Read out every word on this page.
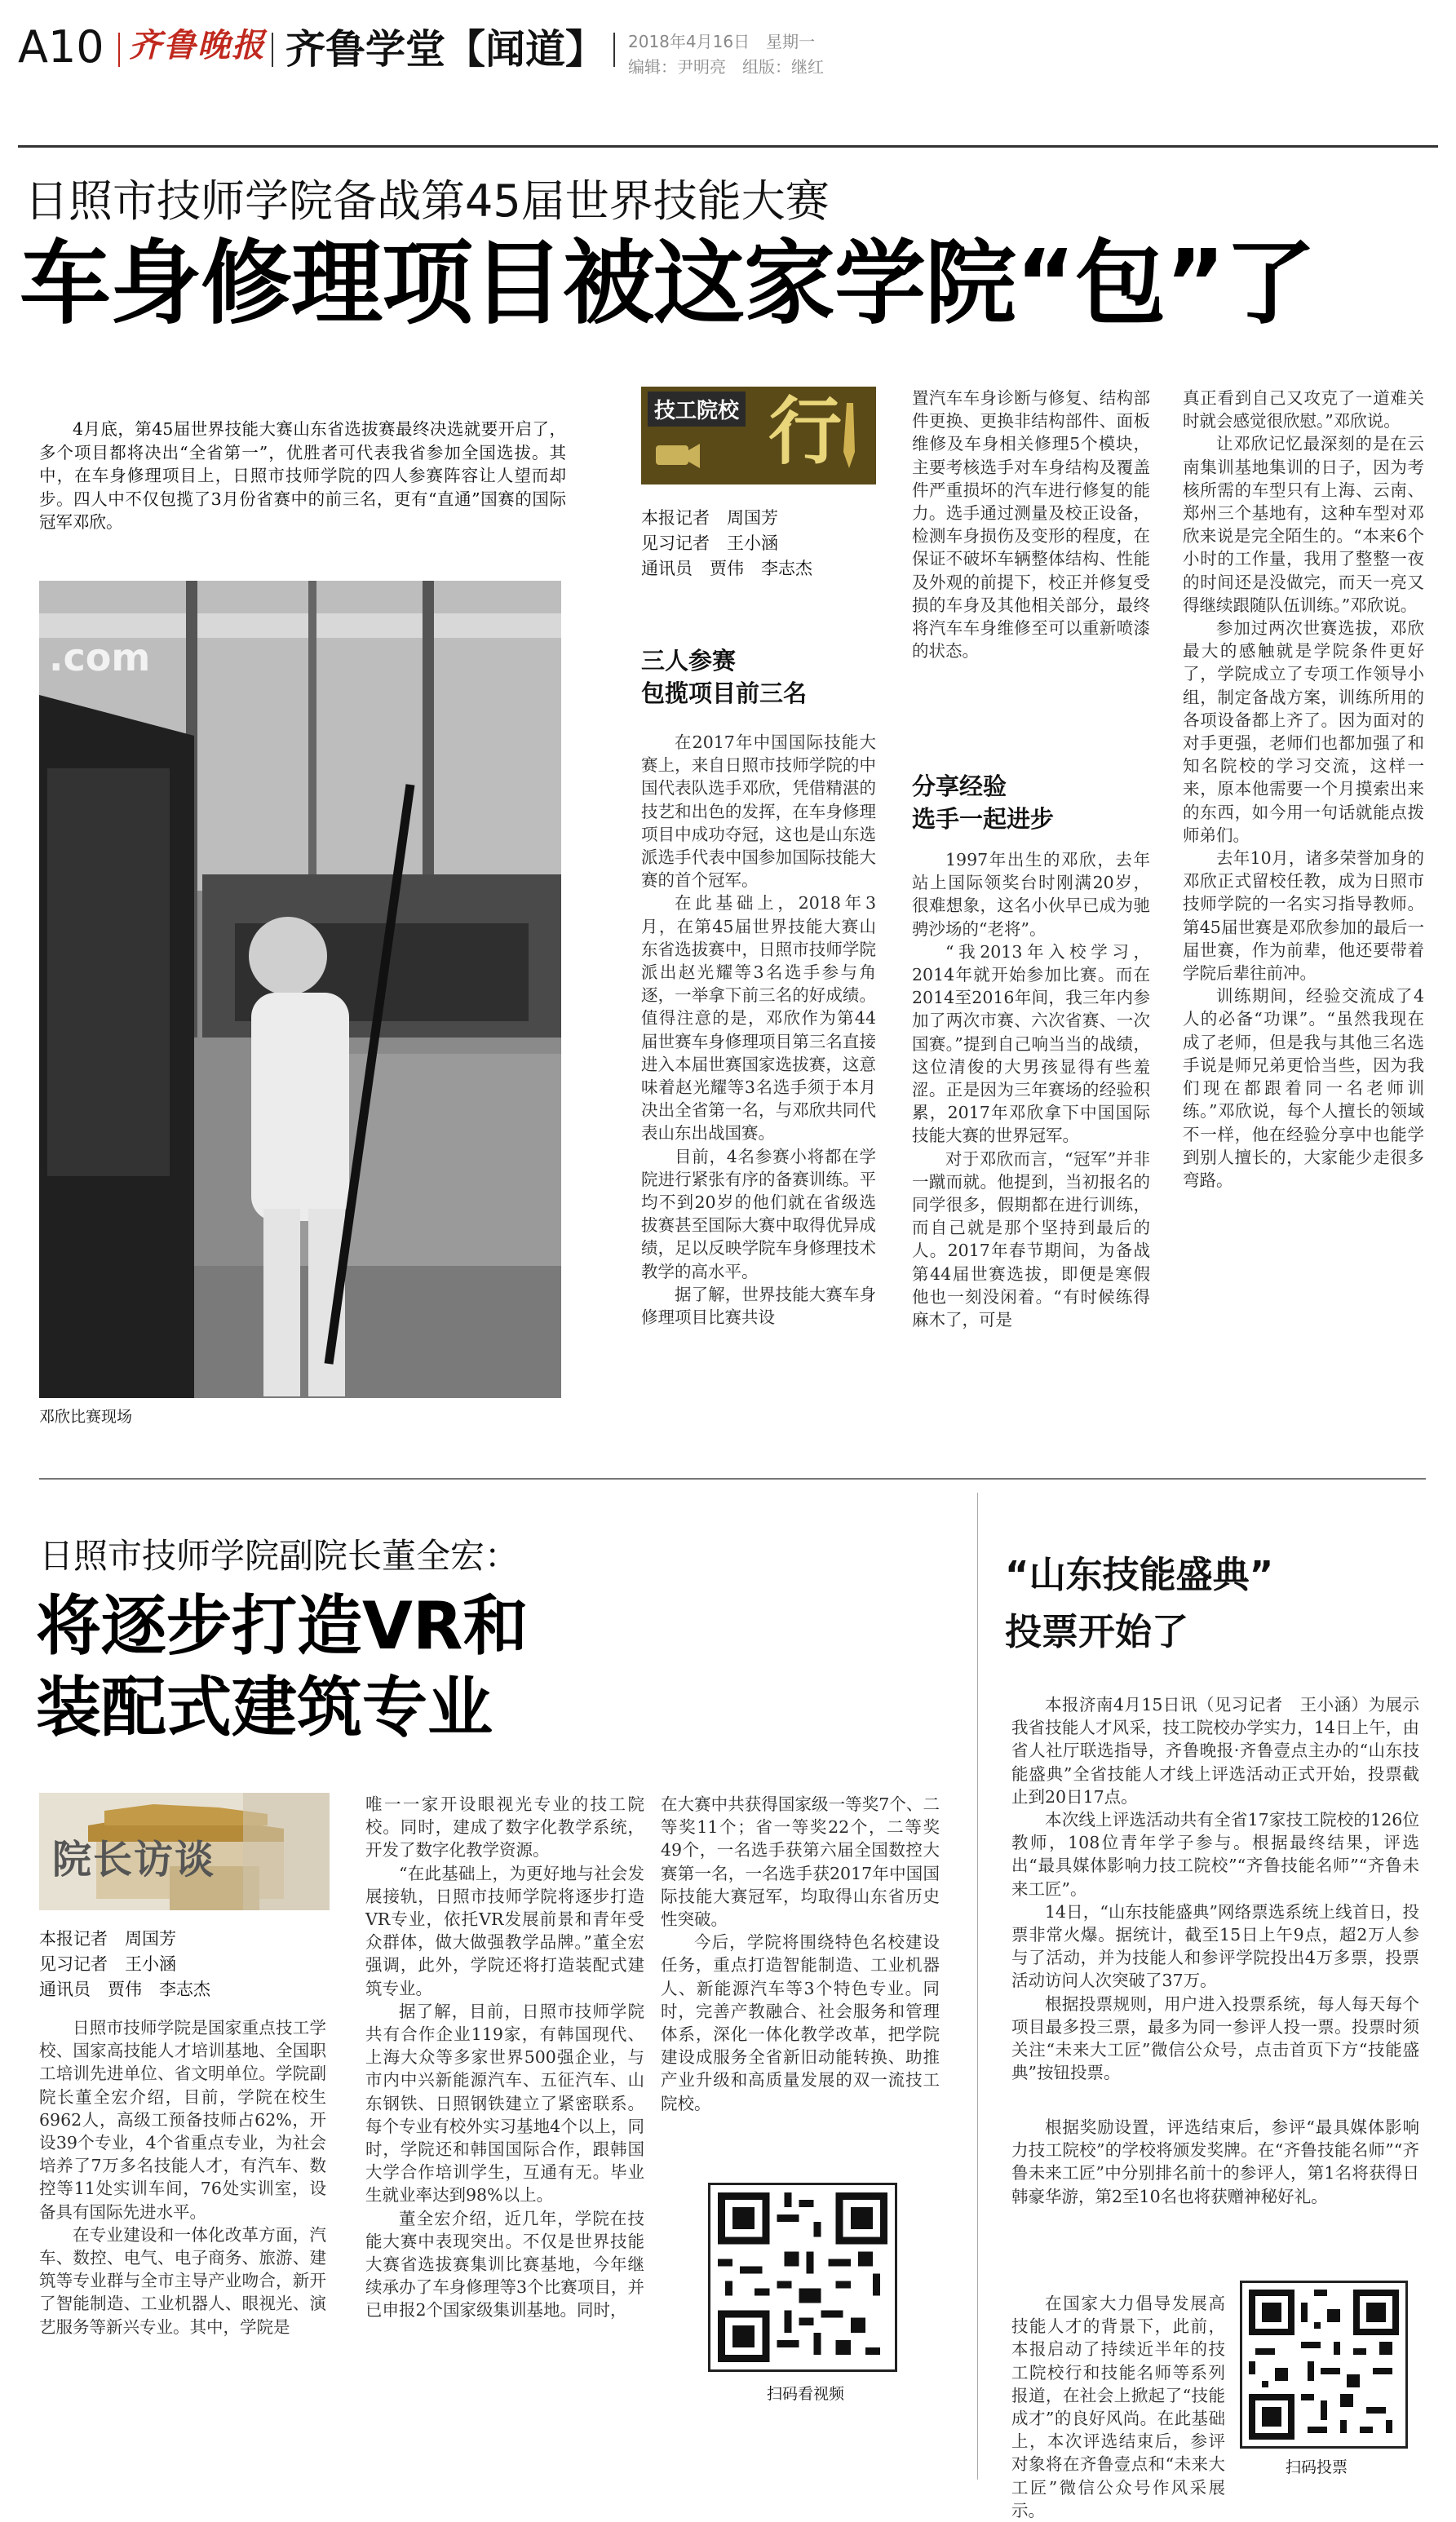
A10 齐鲁晚报 齐鲁学堂【闻道】 2018年4月16日　星期一
编辑：尹明亮　组版：继红
日照市技师学院备战第45届世界技能大赛
车身修理项目被这家学院“包”了

4月底，第45届世界技能大赛山东省选拔赛最终决选就要开启了，多个项目都将决出“全省第一”，优胜者可代表我省参加全国选拔。其中，在车身修理项目上，日照市技师学院的四人参赛阵容让人望而却步。四人中不仅包揽了3月份省赛中的前三名，更有“直通”国赛的国际冠军邓欣。

.com
邓欣比赛现场
技工院校 行
本报记者　周国芳
见习记者　王小涵
通讯员　贾伟　李志杰
三人参赛
包揽项目前三名

在2017年中国国际技能大赛上，来自日照市技师学院的中国代表队选手邓欣，凭借精湛的技艺和出色的发挥，在车身修理项目中成功夺冠，这也是山东选派选手代表中国参加国际技能大赛的首个冠军。

在此基础上，2018年3月，在第45届世界技能大赛山东省选拔赛中，日照市技师学院派出赵光耀等3名选手参与角逐，一举拿下前三名的好成绩。值得注意的是，邓欣作为第44届世赛车身修理项目第三名直接进入本届世赛国家选拔赛，这意味着赵光耀等3名选手须于本月决出全省第一名，与邓欣共同代表山东出战国赛。

目前，4名参赛小将都在学院进行紧张有序的备赛训练。平均不到20岁的他们就在省级选拔赛甚至国际大赛中取得优异成绩，足以反映学院车身修理技术教学的高水平。

据了解，世界技能大赛车身修理项目比赛共设

置汽车车身诊断与修复、结构部件更换、更换非结构部件、面板维修及车身相关修理5个模块，主要考核选手对车身结构及覆盖件严重损坏的汽车进行修复的能力。选手通过测量及校正设备，检测车身损伤及变形的程度，在保证不破坏车辆整体结构、性能及外观的前提下，校正并修复受损的车身及其他相关部分，最终将汽车车身维修至可以重新喷漆的状态。

分享经验
选手一起进步

1997年出生的邓欣，去年站上国际领奖台时刚满20岁，很难想象，这名小伙早已成为驰骋沙场的“老将”。

“我2013年入校学习，2014年就开始参加比赛。而在2014至2016年间，我三年内参加了两次市赛、六次省赛、一次国赛。”提到自己响当当的战绩，这位清俊的大男孩显得有些羞涩。正是因为三年赛场的经验积累，2017年邓欣拿下中国国际技能大赛的世界冠军。

对于邓欣而言，“冠军”并非一蹴而就。他提到，当初报名的同学很多，假期都在进行训练，而自己就是那个坚持到最后的人。2017年春节期间，为备战第44届世赛选拔，即便是寒假他也一刻没闲着。“有时候练得麻木了，可是

真正看到自己又攻克了一道难关时就会感觉很欣慰。”邓欣说。

让邓欣记忆最深刻的是在云南集训基地集训的日子，因为考核所需的车型只有上海、云南、郑州三个基地有，这种车型对邓欣来说是完全陌生的。“本来6个小时的工作量，我用了整整一夜的时间还是没做完，而天一亮又得继续跟随队伍训练。”邓欣说。

参加过两次世赛选拔，邓欣最大的感触就是学院条件更好了，学院成立了专项工作领导小组，制定备战方案，训练所用的各项设备都上齐了。因为面对的对手更强，老师们也都加强了和知名院校的学习交流，这样一来，原本他需要一个月摸索出来的东西，如今用一句话就能点拨师弟们。

去年10月，诸多荣誉加身的邓欣正式留校任教，成为日照市技师学院的一名实习指导教师。第45届世赛是邓欣参加的最后一届世赛，作为前辈，他还要带着学院后辈往前冲。

训练期间，经验交流成了4人的必备“功课”。“虽然我现在成了老师，但是我与其他三名选手说是师兄弟更恰当些，因为我们现在都跟着同一名老师训练。”邓欣说，每个人擅长的领域不一样，他在经验分享中也能学到别人擅长的，大家能少走很多弯路。

日照市技师学院副院长董全宏：
将逐步打造VR和
装配式建筑专业
院长访谈
本报记者　周国芳
见习记者　王小涵
通讯员　贾伟　李志杰

日照市技师学院是国家重点技工学校、国家高技能人才培训基地、全国职工培训先进单位、省文明单位。学院副院长董全宏介绍，目前，学院在校生6962人，高级工预备技师占62%，开设39个专业，4个省重点专业，为社会培养了7万多名技能人才，有汽车、数控等11处实训车间，76处实训室，设备具有国际先进水平。

在专业建设和一体化改革方面，汽车、数控、电气、电子商务、旅游、建筑等专业群与全市主导产业吻合，新开了智能制造、工业机器人、眼视光、演艺服务等新兴专业。其中，学院是

唯一一家开设眼视光专业的技工院校。同时，建成了数字化教学系统，开发了数字化教学资源。

“在此基础上，为更好地与社会发展接轨，日照市技师学院将逐步打造VR专业，依托VR发展前景和青年受众群体，做大做强教学品牌。”董全宏强调，此外，学院还将打造装配式建筑专业。

据了解，目前，日照市技师学院共有合作企业119家，有韩国现代、上海大众等多家世界500强企业，与市内中兴新能源汽车、五征汽车、山东钢铁、日照钢铁建立了紧密联系。每个专业有校外实习基地4个以上，同时，学院还和韩国国际合作，跟韩国大学合作培训学生，互通有无。毕业生就业率达到98%以上。

董全宏介绍，近几年，学院在技能大赛中表现突出。不仅是世界技能大赛省选拔赛集训比赛基地，今年继续承办了车身修理等3个比赛项目，并已申报2个国家级集训基地。同时，

在大赛中共获得国家级一等奖7个、二等奖11个；省一等奖22个，二等奖49个，一名选手获第六届全国数控大赛第一名，一名选手获2017年中国国际技能大赛冠军，均取得山东省历史性突破。

今后，学院将围绕特色名校建设任务，重点打造智能制造、工业机器人、新能源汽车等3个特色专业。同时，完善产教融合、社会服务和管理体系，深化一体化教学改革，把学院建设成服务全省新旧动能转换、助推产业升级和高质量发展的双一流技工院校。

扫码看视频
“山东技能盛典”
投票开始了

本报济南4月15日讯（见习记者　王小涵）为展示我省技能人才风采，技工院校办学实力，14日上午，由省人社厅联选指导，齐鲁晚报·齐鲁壹点主办的“山东技能盛典”全省技能人才线上评选活动正式开始，投票截止到20日17点。

本次线上评选活动共有全省17家技工院校的126位教师，108位青年学子参与。根据最终结果，评选出“最具媒体影响力技工院校”“齐鲁技能名师”“齐鲁未来工匠”。

14日，“山东技能盛典”网络票选系统上线首日，投票非常火爆。据统计，截至15日上午9点，超2万人参与了活动，并为技能人和参评学院投出4万多票，投票活动访问人次突破了37万。

根据投票规则，用户进入投票系统，每人每天每个项目最多投三票，最多为同一参评人投一票。投票时须关注“未来大工匠”微信公众号，点击首页下方“技能盛典”按钮投票。

根据奖励设置，评选结束后，参评“最具媒体影响力技工院校”的学校将颁发奖牌。在“齐鲁技能名师”“齐鲁未来工匠”中分别排名前十的参评人，第1名将获得日韩豪华游，第2至10名也将获赠神秘好礼。

在国家大力倡导发展高技能人才的背景下，此前，本报启动了持续近半年的技工院校行和技能名师等系列报道，在社会上掀起了“技能成才”的良好风尚。在此基础上，本次评选结束后，参评对象将在齐鲁壹点和“未来大工匠”微信公众号作风采展示。

扫码投票
